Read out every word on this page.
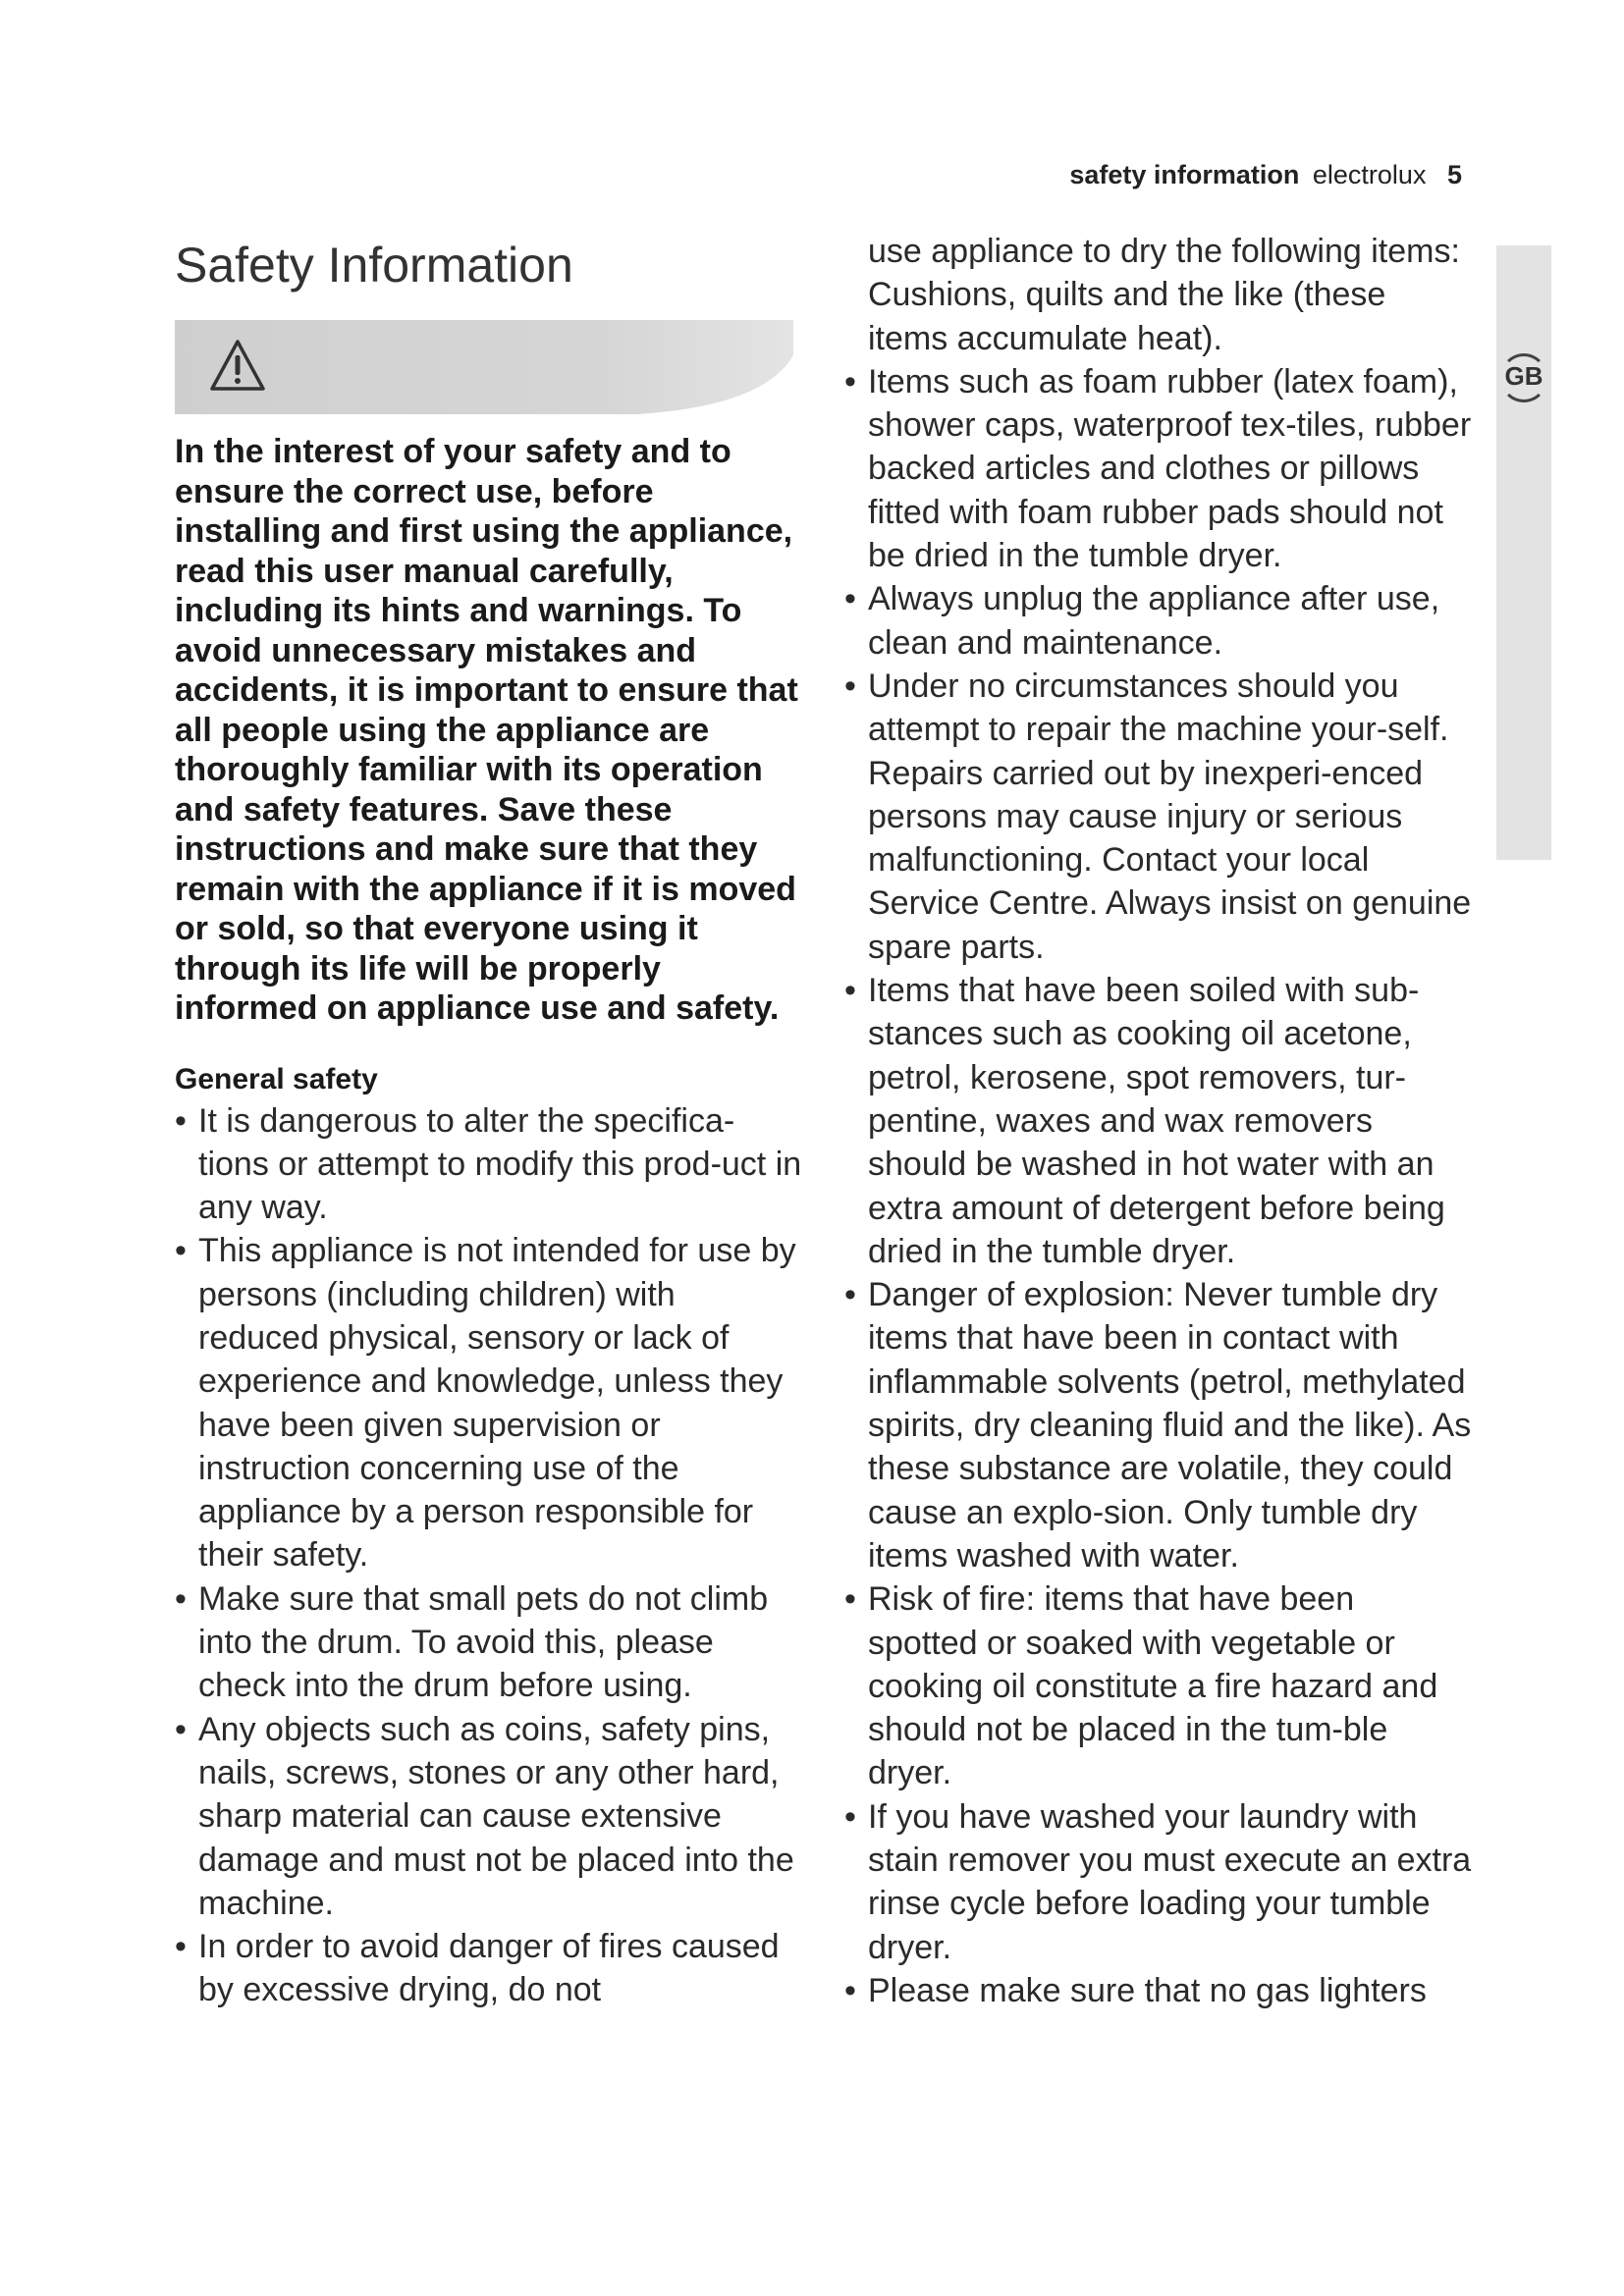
safety information electrolux 5
GB
Safety Information
In the interest of your safety and to ensure the correct use, before installing and first using the appliance, read this user manual carefully, including its hints and warnings. To avoid unnecessary mistakes and accidents, it is important to ensure that all people using the appliance are thoroughly familiar with its operation and safety features. Save these instructions and make sure that they remain with the appliance if it is moved or sold, so that everyone using it through its life will be properly informed on appliance use and safety.
General safety
• It is dangerous to alter the specifica-tions or attempt to modify this prod-uct in any way.
• This appliance is not intended for use by persons (including children) with reduced physical, sensory or lack of experience and knowledge, unless they have been given supervision or instruction concerning use of the appliance by a person responsible for their safety.
• Make sure that small pets do not climb into the drum. To avoid this, please check into the drum before using.
• Any objects such as coins, safety pins, nails, screws, stones or any other hard, sharp material can cause extensive damage and must not be placed into the machine.
• In order to avoid danger of fires caused by excessive drying, do not
use appliance to dry the following items: Cushions, quilts and the like (these items accumulate heat).
• Items such as foam rubber (latex foam), shower caps, waterproof tex-tiles, rubber backed articles and clothes or pillows fitted with foam rubber pads should not be dried in the tumble dryer.
• Always unplug the appliance after use, clean and maintenance.
• Under no circumstances should you attempt to repair the machine your-self. Repairs carried out by inexperi-enced persons may cause injury or serious malfunctioning. Contact your local Service Centre. Always insist on genuine spare parts.
• Items that have been soiled with sub-stances such as cooking oil acetone, petrol, kerosene, spot removers, tur-pentine, waxes and wax removers should be washed in hot water with an extra amount of detergent before being dried in the tumble dryer.
• Danger of explosion: Never tumble dry items that have been in contact with inflammable solvents (petrol, methylated spirits, dry cleaning fluid and the like). As these substance are volatile, they could cause an explo-sion. Only tumble dry items washed with water.
• Risk of fire: items that have been spotted or soaked with vegetable or cooking oil constitute a fire hazard and should not be placed in the tum-ble dryer.
• If you have washed your laundry with stain remover you must execute an extra rinse cycle before loading your tumble dryer.
• Please make sure that no gas lighters
